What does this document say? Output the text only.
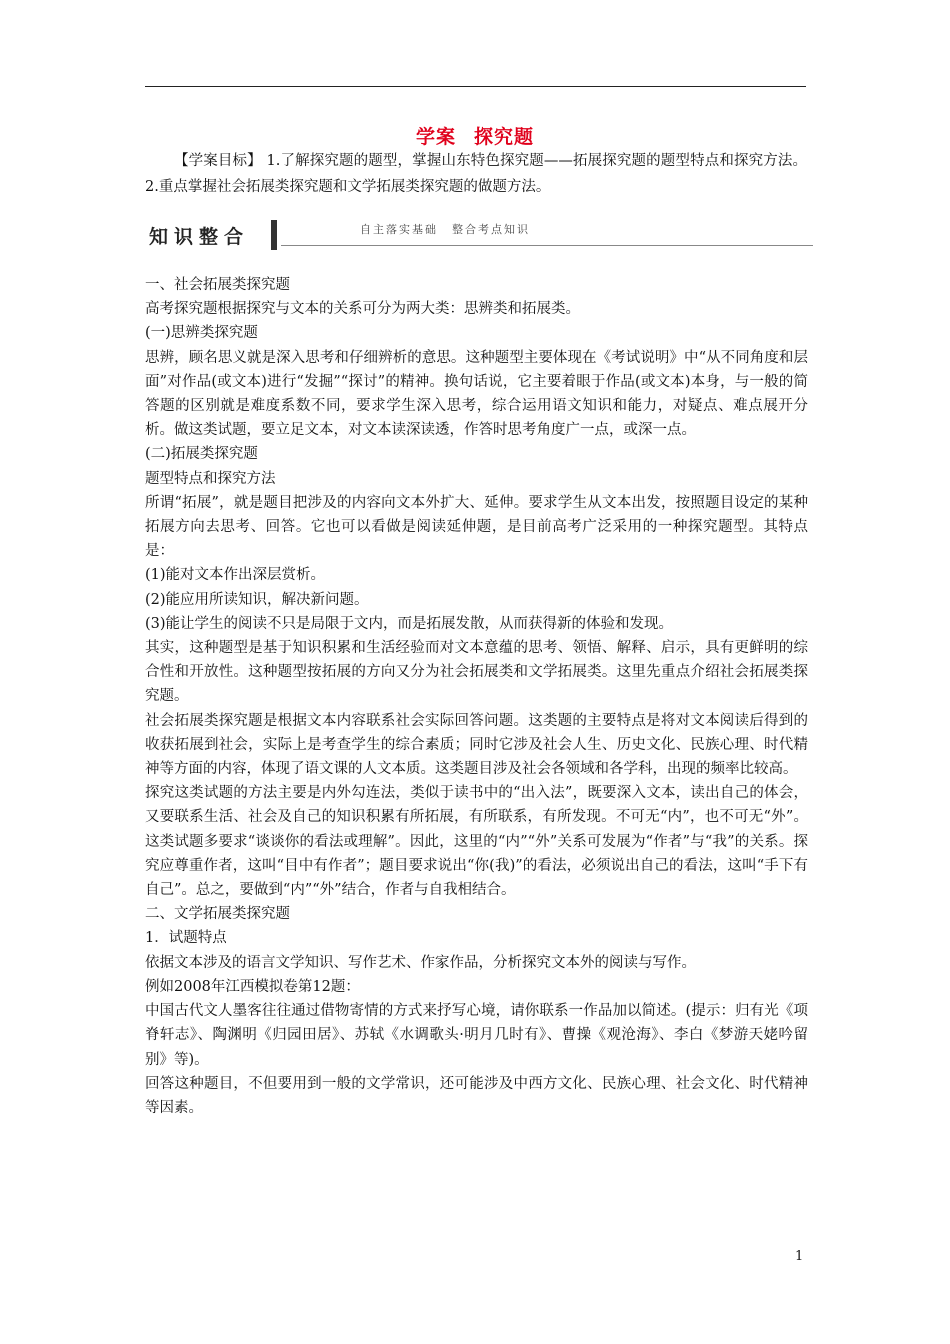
学案 探究题
【学案目标】 1.了解探究题的题型，掌握山东特色探究题——拓展探究题的题型特点和探究方法。2.重点掌握社会拓展类探究题和文学拓展类探究题的做题方法。
知识整合	自主落实基础 整合考点知识

一、社会拓展类探究题

高考探究题根据探究与文本的关系可分为两大类：思辨类和拓展类。

(一)思辨类探究题

思辨，顾名思义就是深入思考和仔细辨析的意思。这种题型主要体现在《考试说明》中“从不同角度和层面”对作品(或文本)进行“发掘”“探讨”的精神。换句话说，它主要着眼于作品(或文本)本身，与一般的简答题的区别就是难度系数不同，要求学生深入思考，综合运用语文知识和能力，对疑点、难点展开分析。做这类试题，要立足文本，对文本读深读透，作答时思考角度广一点，或深一点。

(二)拓展类探究题

题型特点和探究方法

所谓“拓展”，就是题目把涉及的内容向文本外扩大、延伸。要求学生从文本出发，按照题目设定的某种拓展方向去思考、回答。它也可以看做是阅读延伸题，是目前高考广泛采用的一种探究题型。其特点是：

(1)能对文本作出深层赏析。

(2)能应用所读知识，解决新问题。

(3)能让学生的阅读不只是局限于文内，而是拓展发散，从而获得新的体验和发现。

其实，这种题型是基于知识积累和生活经验而对文本意蕴的思考、领悟、解释、启示，具有更鲜明的综合性和开放性。这种题型按拓展的方向又分为社会拓展类和文学拓展类。这里先重点介绍社会拓展类探究题。

社会拓展类探究题是根据文本内容联系社会实际回答问题。这类题的主要特点是将对文本阅读后得到的收获拓展到社会，实际上是考查学生的综合素质；同时它涉及社会人生、历史文化、民族心理、时代精神等方面的内容，体现了语文课的人文本质。这类题目涉及社会各领域和各学科，出现的频率比较高。

探究这类试题的方法主要是内外勾连法，类似于读书中的“出入法”，既要深入文本，读出自己的体会，又要联系生活、社会及自己的知识积累有所拓展，有所联系，有所发现。不可无“内”，也不可无“外”。这类试题多要求“谈谈你的看法或理解”。因此，这里的“内”“外”关系可发展为“作者”与“我”的关系。探究应尊重作者，这叫“目中有作者”；题目要求说出“你(我)”的看法，必须说出自己的看法，这叫“手下有自己”。总之，要做到“内”“外”结合，作者与自我相结合。

二、文学拓展类探究题

1．试题特点

依据文本涉及的语言文学知识、写作艺术、作家作品，分析探究文本外的阅读与写作。

例如2008年江西模拟卷第12题：

中国古代文人墨客往往通过借物寄情的方式来抒写心境，请你联系一作品加以简述。(提示：归有光《项脊轩志》、陶渊明《归园田居》、苏轼《水调歌头·明月几时有》、曹操《观沧海》、李白《梦游天姥吟留别》等)。

回答这种题目，不但要用到一般的文学常识，还可能涉及中西方文化、民族心理、社会文化、时代精神等因素。

1
